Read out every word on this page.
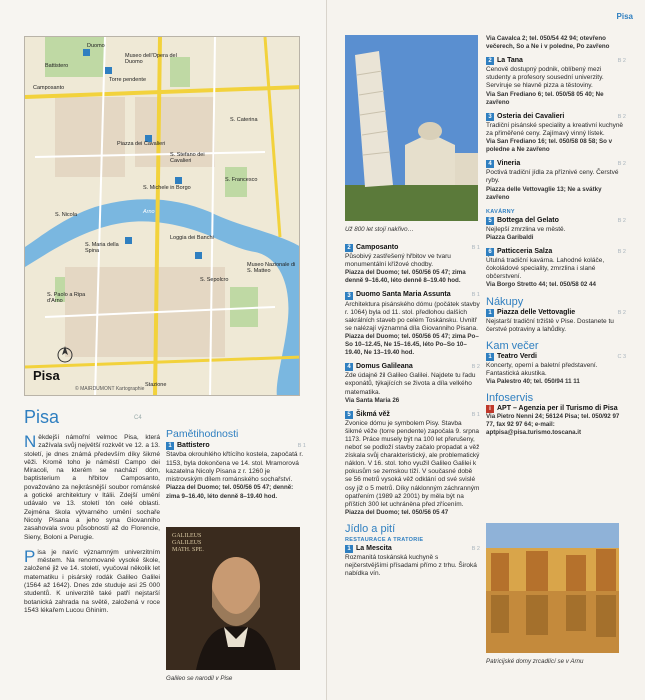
Pisa
© MAIRDUMONT Kartographie
Duomo
Battistero
Torre pendente
Camposanto
Museo dell'Opera del Duomo
S. Caterina
S. Francesco
Piazza dei Cavalieri
S. Nicola
S. Stefano dei Cavalieri
Loggia dei Banchi
Museo Nazionale di S. Matteo
S. Maria della Spina
S. Paolo a Ripa d'Arno
S. Sepolcro
S. Michele in Borgo
Arno
Stazione
Pisa	C4

Někdejší námořní velmoc Pisa, která zažívala svůj největší rozkvět ve 12. a 13. století, je dnes známá především díky šikmé věži. Kromě toho je náměstí Campo dei Miracoli, na kterém se nachází dóm, baptisterium a hřbitov Camposanto, považováno za nejkrásnější soubor románské a gotické architektury v Itálii. Zdejší umění udávalo ve 13. století tón celé oblasti. Zejména škola výtvarného umění sochaře Nicoly Pisana a jeho syna Giovanniho zasahovala svou působností až do Florencie, Sieny, Boloni a Perugie.

Pisa je navíc významným univerzitním městem. Na renomované vysoké škole, založené již ve 14. století, vyučoval několik let matematiku i pisárský rodák Galileo Galilei (1564 až 1642). Dnes zde studuje asi 25 000 studentů. K univerzitě také patří nejstarší botanická zahrada na světě, založená v roce 1543 lékařem Lucou Ghinim.

Pamětihodnosti
1 Battistero	B 1
Stavba okrouhlého křtícího kostela, započatá r. 1153, byla dokončena ve 14. stol. Mramorová kazatelna Nicoly Pisana z r. 1260 je mistrovským dílem románského sochařství.
Piazza del Duomo; tel. 050/56 05 47; denně: zima 9–16.40, léto denně 8–19.40 hod.
GALILEUS GALILEUS MATH. SPE.
Galileo se narodil v Pise
Pisa
Už 800 let stojí nakřivo…
2 Camposanto	B 1
Působivý zastřešený hřbitov ve tvaru monumentální křížové chodby.
Piazza del Duomo; tel. 050/56 05 47; zima denně 9–16.40, léto denně 8–19.40 hod.
3 Duomo Santa Maria Assunta	B 1
Architektura pisánského dómu (počátek stavby r. 1064) byla od 11. stol. předlohou dalších sakrálních staveb po celém Toskánsku. Uvnitř se nalézají významná díla Giovanniho Pisana.
Piazza del Duomo; tel. 050/56 05 47; zima Po–So 10–12.45, Ne 15–16.45, léto Po–So 10–19.40, Ne 13–19.40 hod.
4 Domus Galileana	B 2
Zde údajně žil Galileo Galilei. Najdete tu řadu exponátů, týkajících se života a díla velkého matematika.
Via Santa Maria 26
5 Šikmá věž	B 1
Zvonice dómu je symbolem Pisy. Stavba šikmé věže (torre pendente) započala 9. srpna 1173. Práce musely být na 100 let přerušeny, neboť se podloží stavby začalo propadat a věž získala svůj charakteristický, ale problematický náklon. V 16. stol. toho využil Galileo Galilei k pokusům se zemskou tíží. V současné době se 56 metrů vysoká věž odklání od své svislé osy již o 5 metrů. Díky náklonným záchranným opatřením (1989 až 2001) by měla být na příštích 300 let uchráněna před zřícením.
Piazza del Duomo; tel. 050/56 05 47
Jídlo a pití
RESTAURACE A TRATORIE
1 La Mescita	B 2
Rozmanitá toskánská kuchyně s nejčerstvějšími přísadami přímo z trhu. Široká nabídka vín.
Via Cavalca 2; tel. 050/54 42 94; otevřeno večerech, So a Ne i v poledne, Po zavřeno
2 La Tana	B 2
Cenově dostupný podnik, oblíbený mezi studenty a profesory sousední univerzity. Servíruje se hlavně pizza a těstoviny.
Via San Frediano 6; tel. 050/58 05 40; Ne zavřeno
3 Osteria dei Cavalieri	B 2
Tradiční pisánské speciality a kreativní kuchyně za přiměřené ceny. Zajímavý vinný lístek.
Via San Frediano 16; tel. 050/58 08 58; So v poledne a Ne zavřeno
4 Vineria	B 2
Poctivá tradiční jídla za příznivé ceny. Čerstvé ryby.
Piazza delle Vettovaglie 13; Ne a svátky zavřeno
KAVÁRNY
5 Bottega del Gelato	B 2
Nejlepší zmrzlina ve městě.
Piazza Garibaldi
6 Patticceria Salza	B 2
Útulná tradiční kavárna. Lahodné koláče, čokoládové speciality, zmrzlina i slané občerstvení.
Via Borgo Stretto 44; tel. 050/58 02 44
Nákupy
1 Piazza delle Vettovaglie	B 2
Nejstarší tradiční tržiště v Pise. Dostanete tu čerstvé potraviny a lahůdky.
Kam večer
1 Teatro Verdi	C 3
Koncerty, operní a baletní představení. Fantastická akustika.
Via Palestro 40; tel. 050/94 11 11
Infoservis
i APT – Agenzia per il Turismo di Pisa
Via Pietro Nenni 24; 56124 Pisa; tel. 050/92 97 77, fax 92 97 64; e-mail: aptpisa@pisa.turismo.toscana.it
Patricijské domy zrcadlící se v Arnu
